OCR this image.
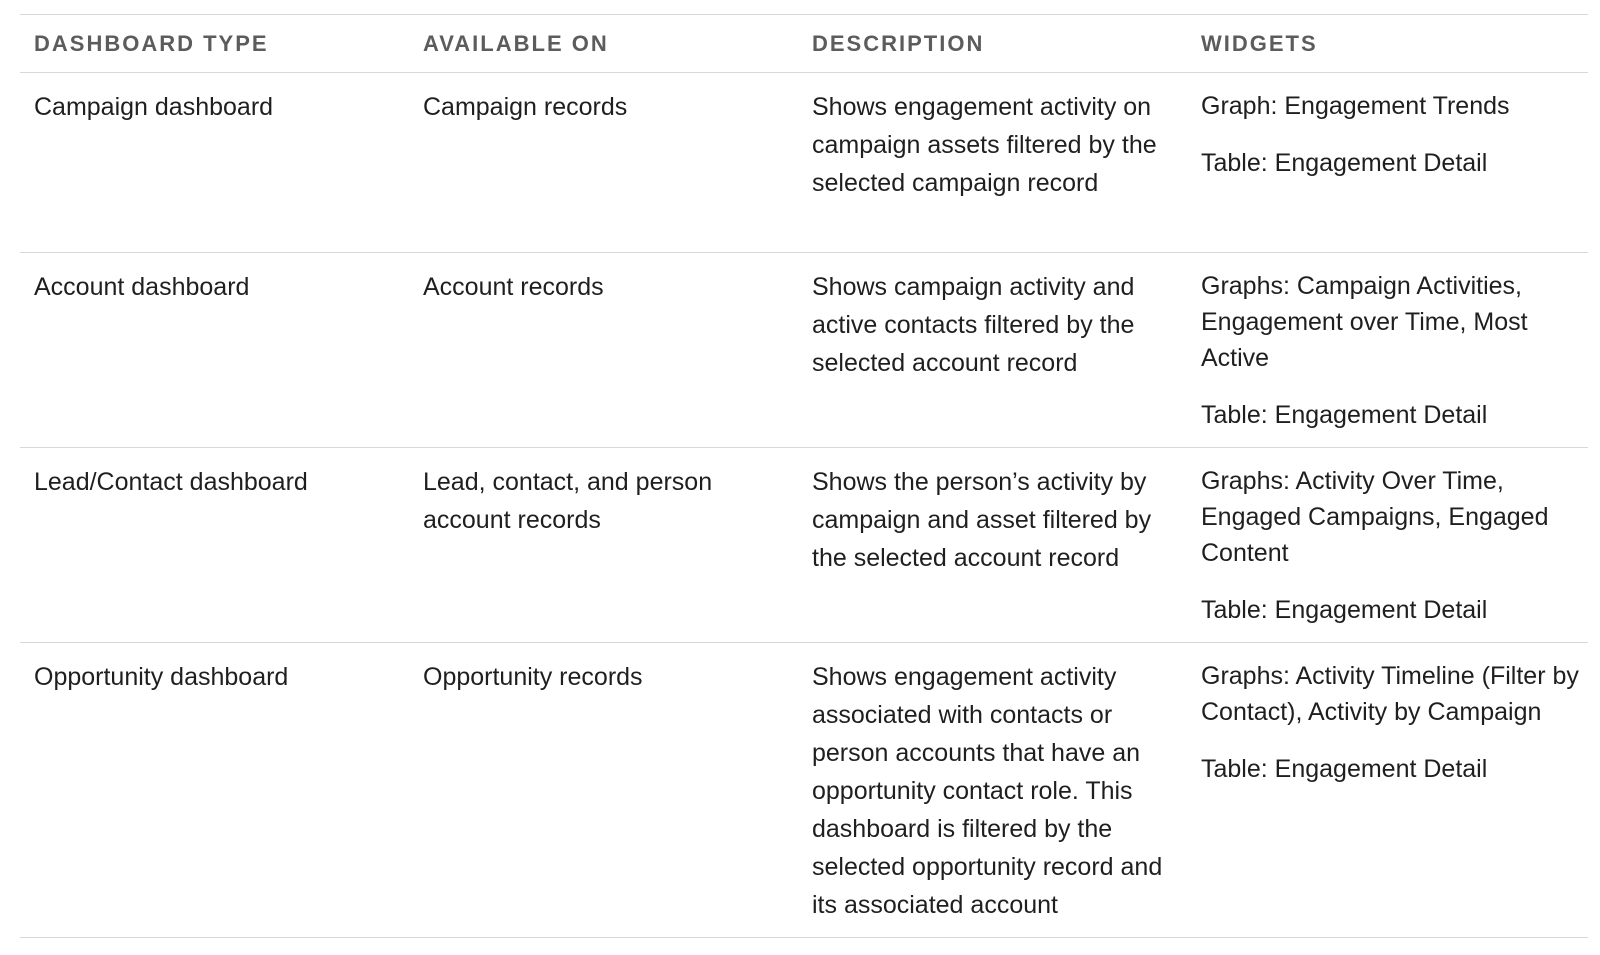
DASHBOARD TYPE	AVAILABLE ON	DESCRIPTION	WIDGETS
Campaign dashboard	Campaign records	Shows engagement activity on campaign assets filtered by the selected campaign record	Graph: Engagement Trends
Table: Engagement Detail

Account dashboard	Account records	Shows campaign activity and active contacts filtered by the selected account record	Graphs: Campaign Activities, Engagement over Time, Most Active
Table: Engagement Detail

Lead/Contact dashboard	Lead, contact, and person account records	Shows the person’s activity by campaign and asset filtered by the selected account record	Graphs: Activity Over Time, Engaged Campaigns, Engaged Content
Table: Engagement Detail

Opportunity dashboard	Opportunity records	Shows engagement activity associated with contacts or person accounts that have an opportunity contact role. This dashboard is filtered by the selected opportunity record and its associated account	Graphs: Activity Timeline (Filter by Contact), Activity by Campaign
Table: Engagement Detail
